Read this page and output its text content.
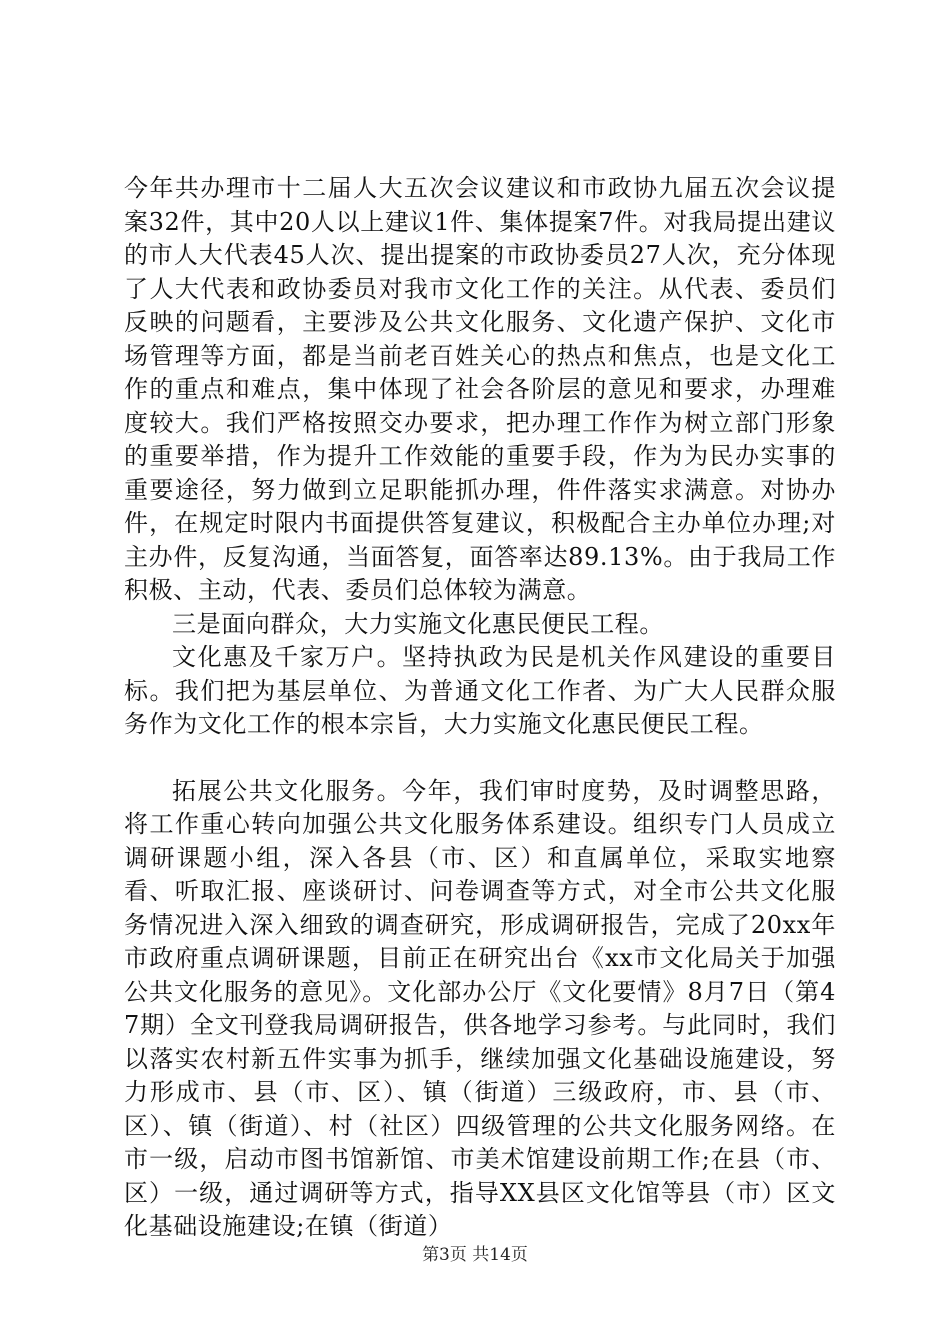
今年共办理市十二届人大五次会议建议和市政协九届五次会议提案32件，其中20人以上建议1件、集体提案7件。对我局提出建议的市人大代表45人次、提出提案的市政协委员27人次，充分体现了人大代表和政协委员对我市文化工作的关注。从代表、委员们反映的问题看，主要涉及公共文化服务、文化遗产保护、文化市场管理等方面，都是当前老百姓关心的热点和焦点，也是文化工作的重点和难点，集中体现了社会各阶层的意见和要求，办理难度较大。我们严格按照交办要求，把办理工作作为树立部门形象的重要举措，作为提升工作效能的重要手段，作为为民办实事的重要途径，努力做到立足职能抓办理，件件落实求满意。对协办件，在规定时限内书面提供答复建议，积极配合主办单位办理;对主办件，反复沟通，当面答复，面答率达89.13%。由于我局工作积极、主动，代表、委员们总体较为满意。

三是面向群众，大力实施文化惠民便民工程。

文化惠及千家万户。坚持执政为民是机关作风建设的重要目标。我们把为基层单位、为普通文化工作者、为广大人民群众服务作为文化工作的根本宗旨，大力实施文化惠民便民工程。

拓展公共文化服务。今年，我们审时度势，及时调整思路，将工作重心转向加强公共文化服务体系建设。组织专门人员成立调研课题小组，深入各县（市、区）和直属单位，采取实地察看、听取汇报、座谈研讨、问卷调查等方式，对全市公共文化服务情况进入深入细致的调查研究，形成调研报告，完成了20xx年市政府重点调研课题，目前正在研究出台《xx市文化局关于加强公共文化服务的意见》。文化部办公厅《文化要情》8月7日（第47期）全文刊登我局调研报告，供各地学习参考。与此同时，我们以落实农村新五件实事为抓手，继续加强文化基础设施建设，努力形成市、县（市、区）、镇（街道）三级政府，市、县（市、区）、镇（街道）、村（社区）四级管理的公共文化服务网络。在市一级，启动市图书馆新馆、市美术馆建设前期工作;在县（市、区）一级，通过调研等方式，指导XX县区文化馆等县（市）区文化基础设施建设;在镇（街道）

第3页 共14页
